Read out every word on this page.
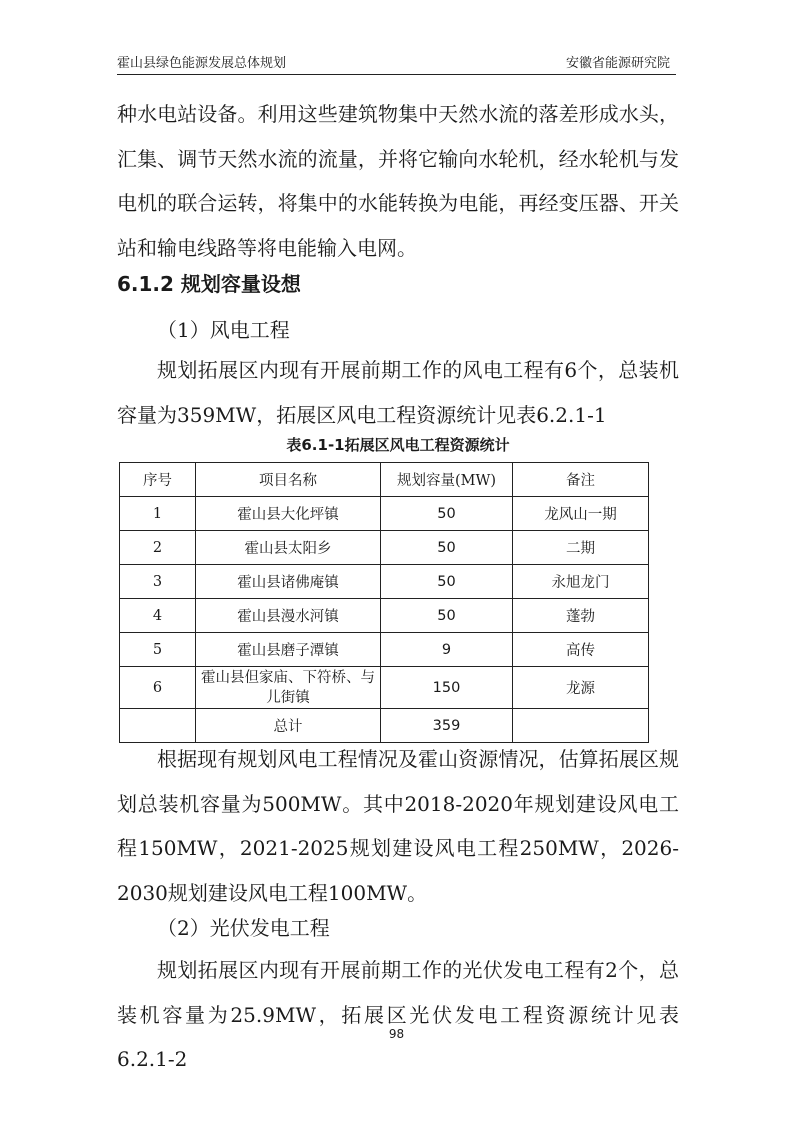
霍山县绿色能源发展总体规划	安徽省能源研究院

种水电站设备。利用这些建筑物集中天然水流的落差形成水头，汇集、调节天然水流的流量，并将它输向水轮机，经水轮机与发电机的联合运转，将集中的水能转换为电能，再经变压器、开关站和输电线路等将电能输入电网。

6.1.2 规划容量设想

（1）风电工程

规划拓展区内现有开展前期工作的风电工程有6个，总装机容量为359MW，拓展区风电工程资源统计见表6.2.1-1

表6.1-1拓展区风电工程资源统计

序号	项目名称	规划容量(MW)	备注
1	霍山县大化坪镇	50	龙风山一期
2	霍山县太阳乡	50	二期
3	霍山县诸佛庵镇	50	永旭龙门
4	霍山县漫水河镇	50	蓬勃
5	霍山县磨子潭镇	9	高传
6	霍山县但家庙、下符桥、与儿街镇	150	龙源
	总计	359	

根据现有规划风电工程情况及霍山资源情况，估算拓展区规划总装机容量为500MW。其中2018-2020年规划建设风电工程150MW，2021-2025规划建设风电工程250MW，2026-2030规划建设风电工程100MW。

（2）光伏发电工程

规划拓展区内现有开展前期工作的光伏发电工程有2个，总装机容量为25.9MW，拓展区光伏发电工程资源统计见表6.2.1-2

98
